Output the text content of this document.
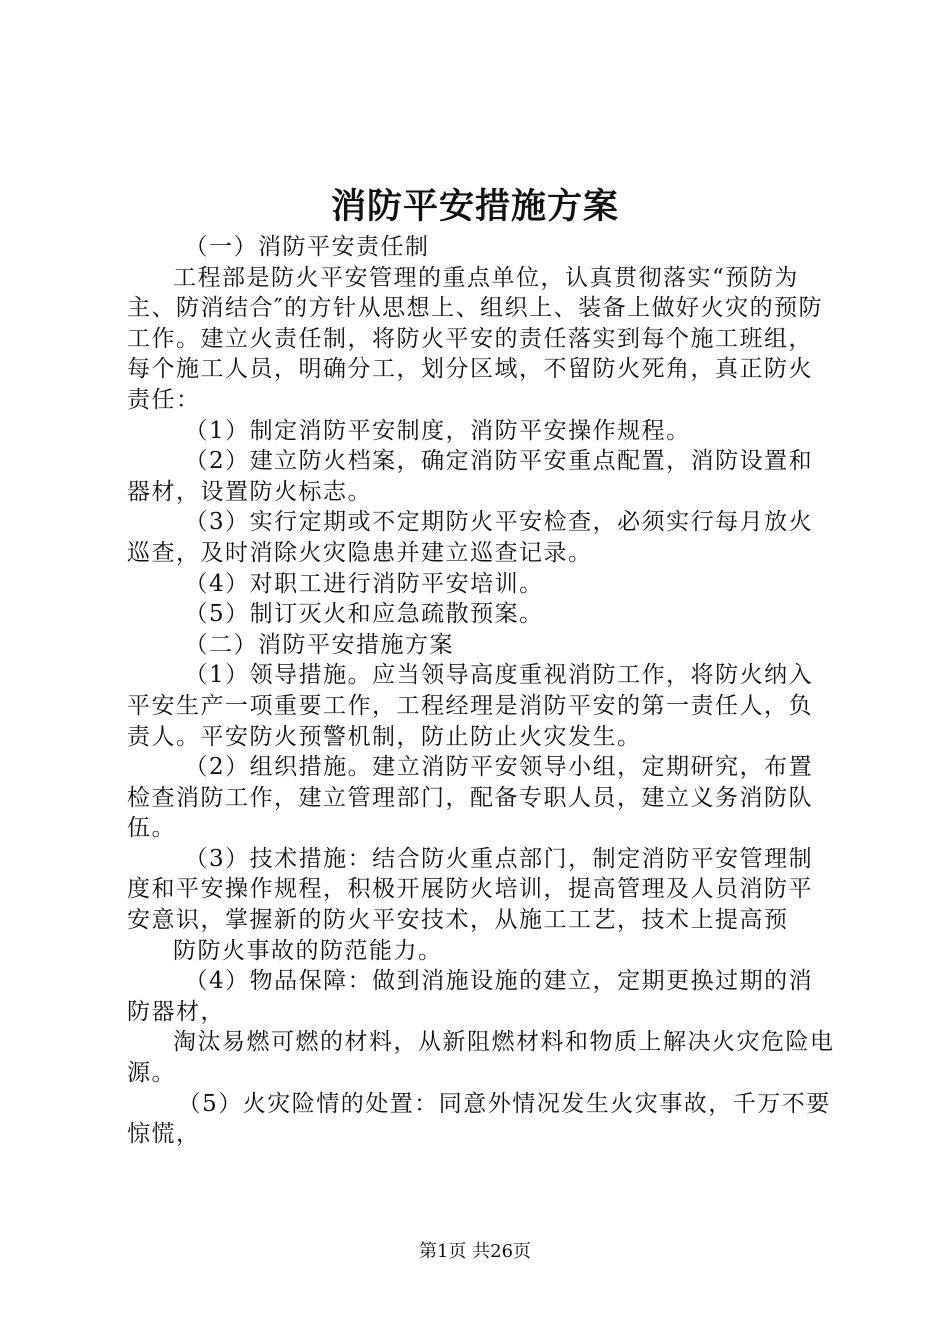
消防平安措施方案

（一）消防平安责任制

工程部是防火平安管理的重点单位，认真贯彻落实“预防为主、防消结合″的方针从思想上、组织上、装备上做好火灾的预防工作。建立火责任制，将防火平安的责任落实到每个施工班组，每个施工人员，明确分工，划分区域，不留防火死角，真正防火责任：

（1）制定消防平安制度，消防平安操作规程。

（2）建立防火档案，确定消防平安重点配置，消防设置和器材，设置防火标志。

（3）实行定期或不定期防火平安检查，必须实行每月放火巡查，及时消除火灾隐患并建立巡查记录。

（4）对职工进行消防平安培训。

（5）制订灭火和应急疏散预案。

（二）消防平安措施方案

（1）领导措施。应当领导高度重视消防工作，将防火纳入平安生产一项重要工作，工程经理是消防平安的第一责任人，负责人。平安防火预警机制，防止防止火灾发生。

（2）组织措施。建立消防平安领导小组，定期研究，布置检查消防工作，建立管理部门，配备专职人员，建立义务消防队伍。

（3）技术措施：结合防火重点部门，制定消防平安管理制度和平安操作规程，积极开展防火培训，提高管理及人员消防平安意识，掌握新的防火平安技术，从施工工艺，技术上提高预

防防火事故的防范能力。

（4）物品保障：做到消施设施的建立，定期更换过期的消防器材，

淘汰易燃可燃的材料，从新阻燃材料和物质上解决火灾危险电源。

（5）火灾险情的处置：同意外情况发生火灾事故，千万不要惊慌，

第1页 共26页
